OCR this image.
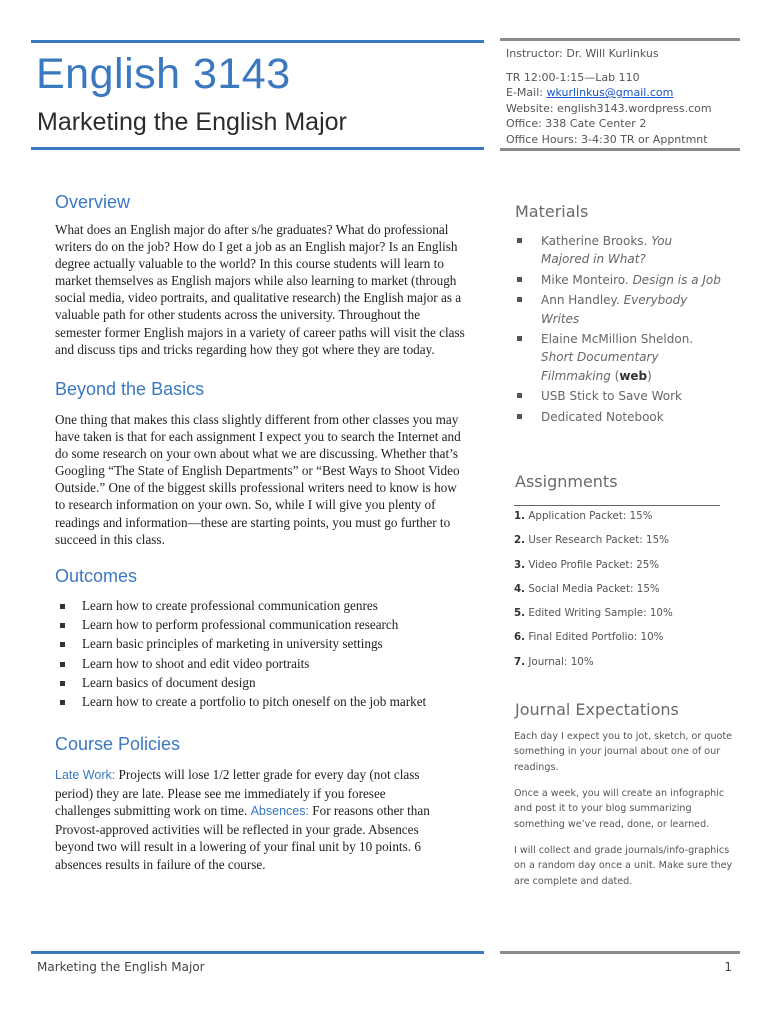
English 3143
Marketing the English Major
Instructor: Dr. Will Kurlinkus
TR 12:00-1:15—Lab 110
E-Mail: wkurlinkus@gmail.com
Website: english3143.wordpress.com
Office: 338 Cate Center 2
Office Hours: 3-4:30 TR or Appntmnt
Overview
What does an English major do after s/he graduates? What do professional
writers do on the job? How do I get a job as an English major? Is an English
degree actually valuable to the world? In this course students will learn to
market themselves as English majors while also learning to market (through
social media, video portraits, and qualitative research) the English major as a
valuable path for other students across the university. Throughout the
semester former English majors in a variety of career paths will visit the class
and discuss tips and tricks regarding how they got where they are today.
Beyond the Basics
One thing that makes this class slightly different from other classes you may
have taken is that for each assignment I expect you to search the Internet and
do some research on your own about what we are discussing. Whether that’s
Googling “The State of English Departments” or “Best Ways to Shoot Video
Outside.” One of the biggest skills professional writers need to know is how
to research information on your own. So, while I will give you plenty of
readings and information—these are starting points, you must go further to
succeed in this class.
Outcomes
Learn how to create professional communication genres
Learn how to perform professional communication research
Learn basic principles of marketing in university settings
Learn how to shoot and edit video portraits
Learn basics of document design
Learn how to create a portfolio to pitch oneself on the job market
Course Policies
Late Work: Projects will lose 1/2 letter grade for every day (not class
period) they are late. Please see me immediately if you foresee
challenges submitting work on time. Absences: For reasons other than
Provost-approved activities will be reflected in your grade. Absences
beyond two will result in a lowering of your final unit by 10 points. 6
absences results in failure of the course.
Materials
Katherine Brooks. You Majored in What?
Mike Monteiro. Design is a Job
Ann Handley. Everybody Writes
Elaine McMillion Sheldon. Short Documentary Filmmaking (web)
USB Stick to Save Work
Dedicated Notebook
Assignments
1. Application Packet: 15%
2. User Research Packet: 15%
3. Video Profile Packet: 25%
4. Social Media Packet: 15%
5. Edited Writing Sample: 10%
6. Final Edited Portfolio: 10%
7. Journal: 10%
Journal Expectations

Each day I expect you to jot, sketch, or quote
something in your journal about one of our
readings.

Once a week, you will create an infographic
and post it to your blog summarizing
something we’ve read, done, or learned.

I will collect and grade journals/info-graphics
on a random day once a unit. Make sure they
are complete and dated.

Marketing the English Major	1
